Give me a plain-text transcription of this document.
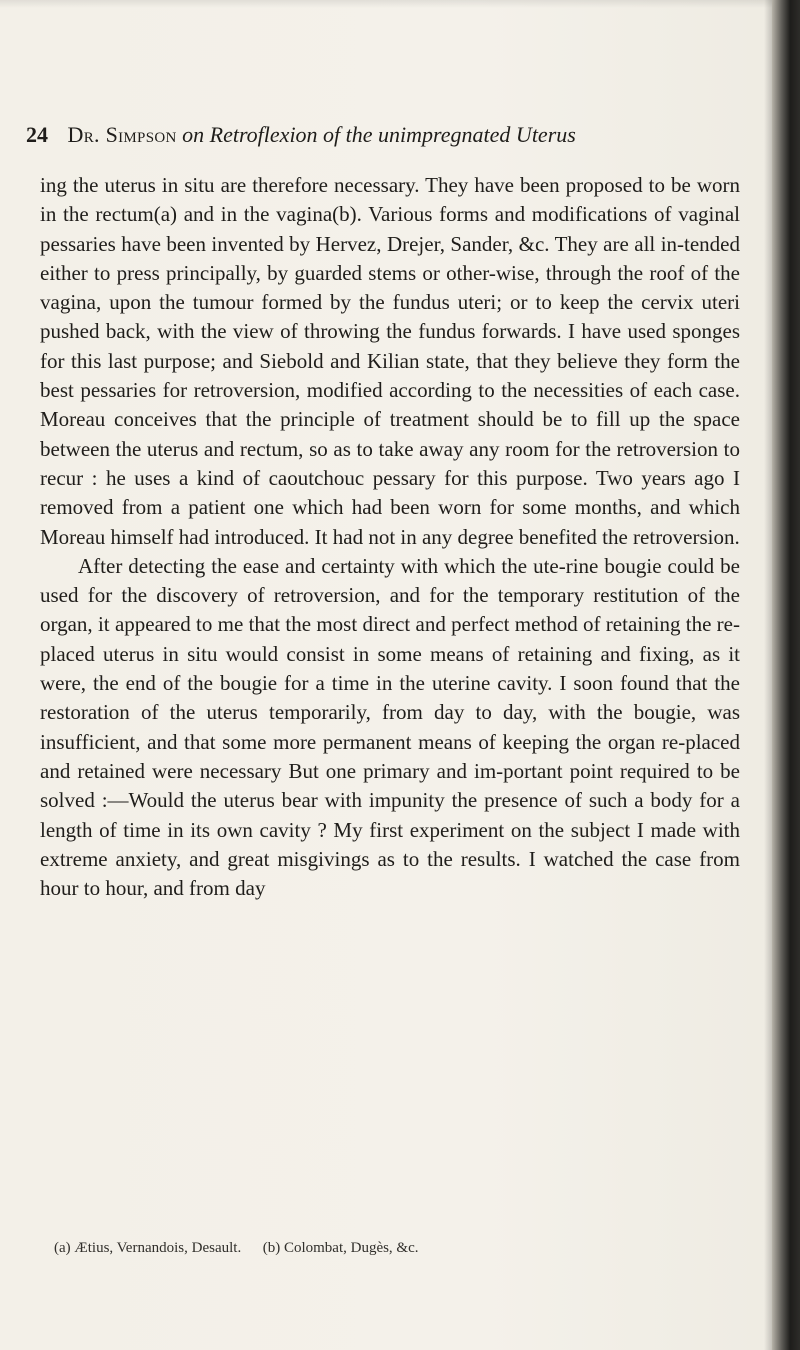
24 Dr. Simpson on Retroflexion of the unimpregnated Uterus

ing the uterus in situ are therefore necessary. They have been proposed to be worn in the rectum(a) and in the vagina(b). Various forms and modifications of vaginal pessaries have been invented by Hervez, Drejer, Sander, &c. They are all in-tended either to press principally, by guarded stems or other-wise, through the roof of the vagina, upon the tumour formed by the fundus uteri; or to keep the cervix uteri pushed back, with the view of throwing the fundus forwards. I have used sponges for this last purpose; and Siebold and Kilian state, that they believe they form the best pessaries for retroversion, modified according to the necessities of each case. Moreau conceives that the principle of treatment should be to fill up the space between the uterus and rectum, so as to take away any room for the retroversion to recur : he uses a kind of caoutchouc pessary for this purpose. Two years ago I removed from a patient one which had been worn for some months, and which Moreau himself had introduced. It had not in any degree benefited the retroversion.

After detecting the ease and certainty with which the ute-rine bougie could be used for the discovery of retroversion, and for the temporary restitution of the organ, it appeared to me that the most direct and perfect method of retaining the re-placed uterus in situ would consist in some means of retaining and fixing, as it were, the end of the bougie for a time in the uterine cavity. I soon found that the restoration of the uterus temporarily, from day to day, with the bougie, was insufficient, and that some more permanent means of keeping the organ re-placed and retained were necessary But one primary and im-portant point required to be solved :—Would the uterus bear with impunity the presence of such a body for a length of time in its own cavity ? My first experiment on the subject I made with extreme anxiety, and great misgivings as to the results. I watched the case from hour to hour, and from day

(a) Ætius, Vernandois, Desault. (b) Colombat, Dugès, &c.
